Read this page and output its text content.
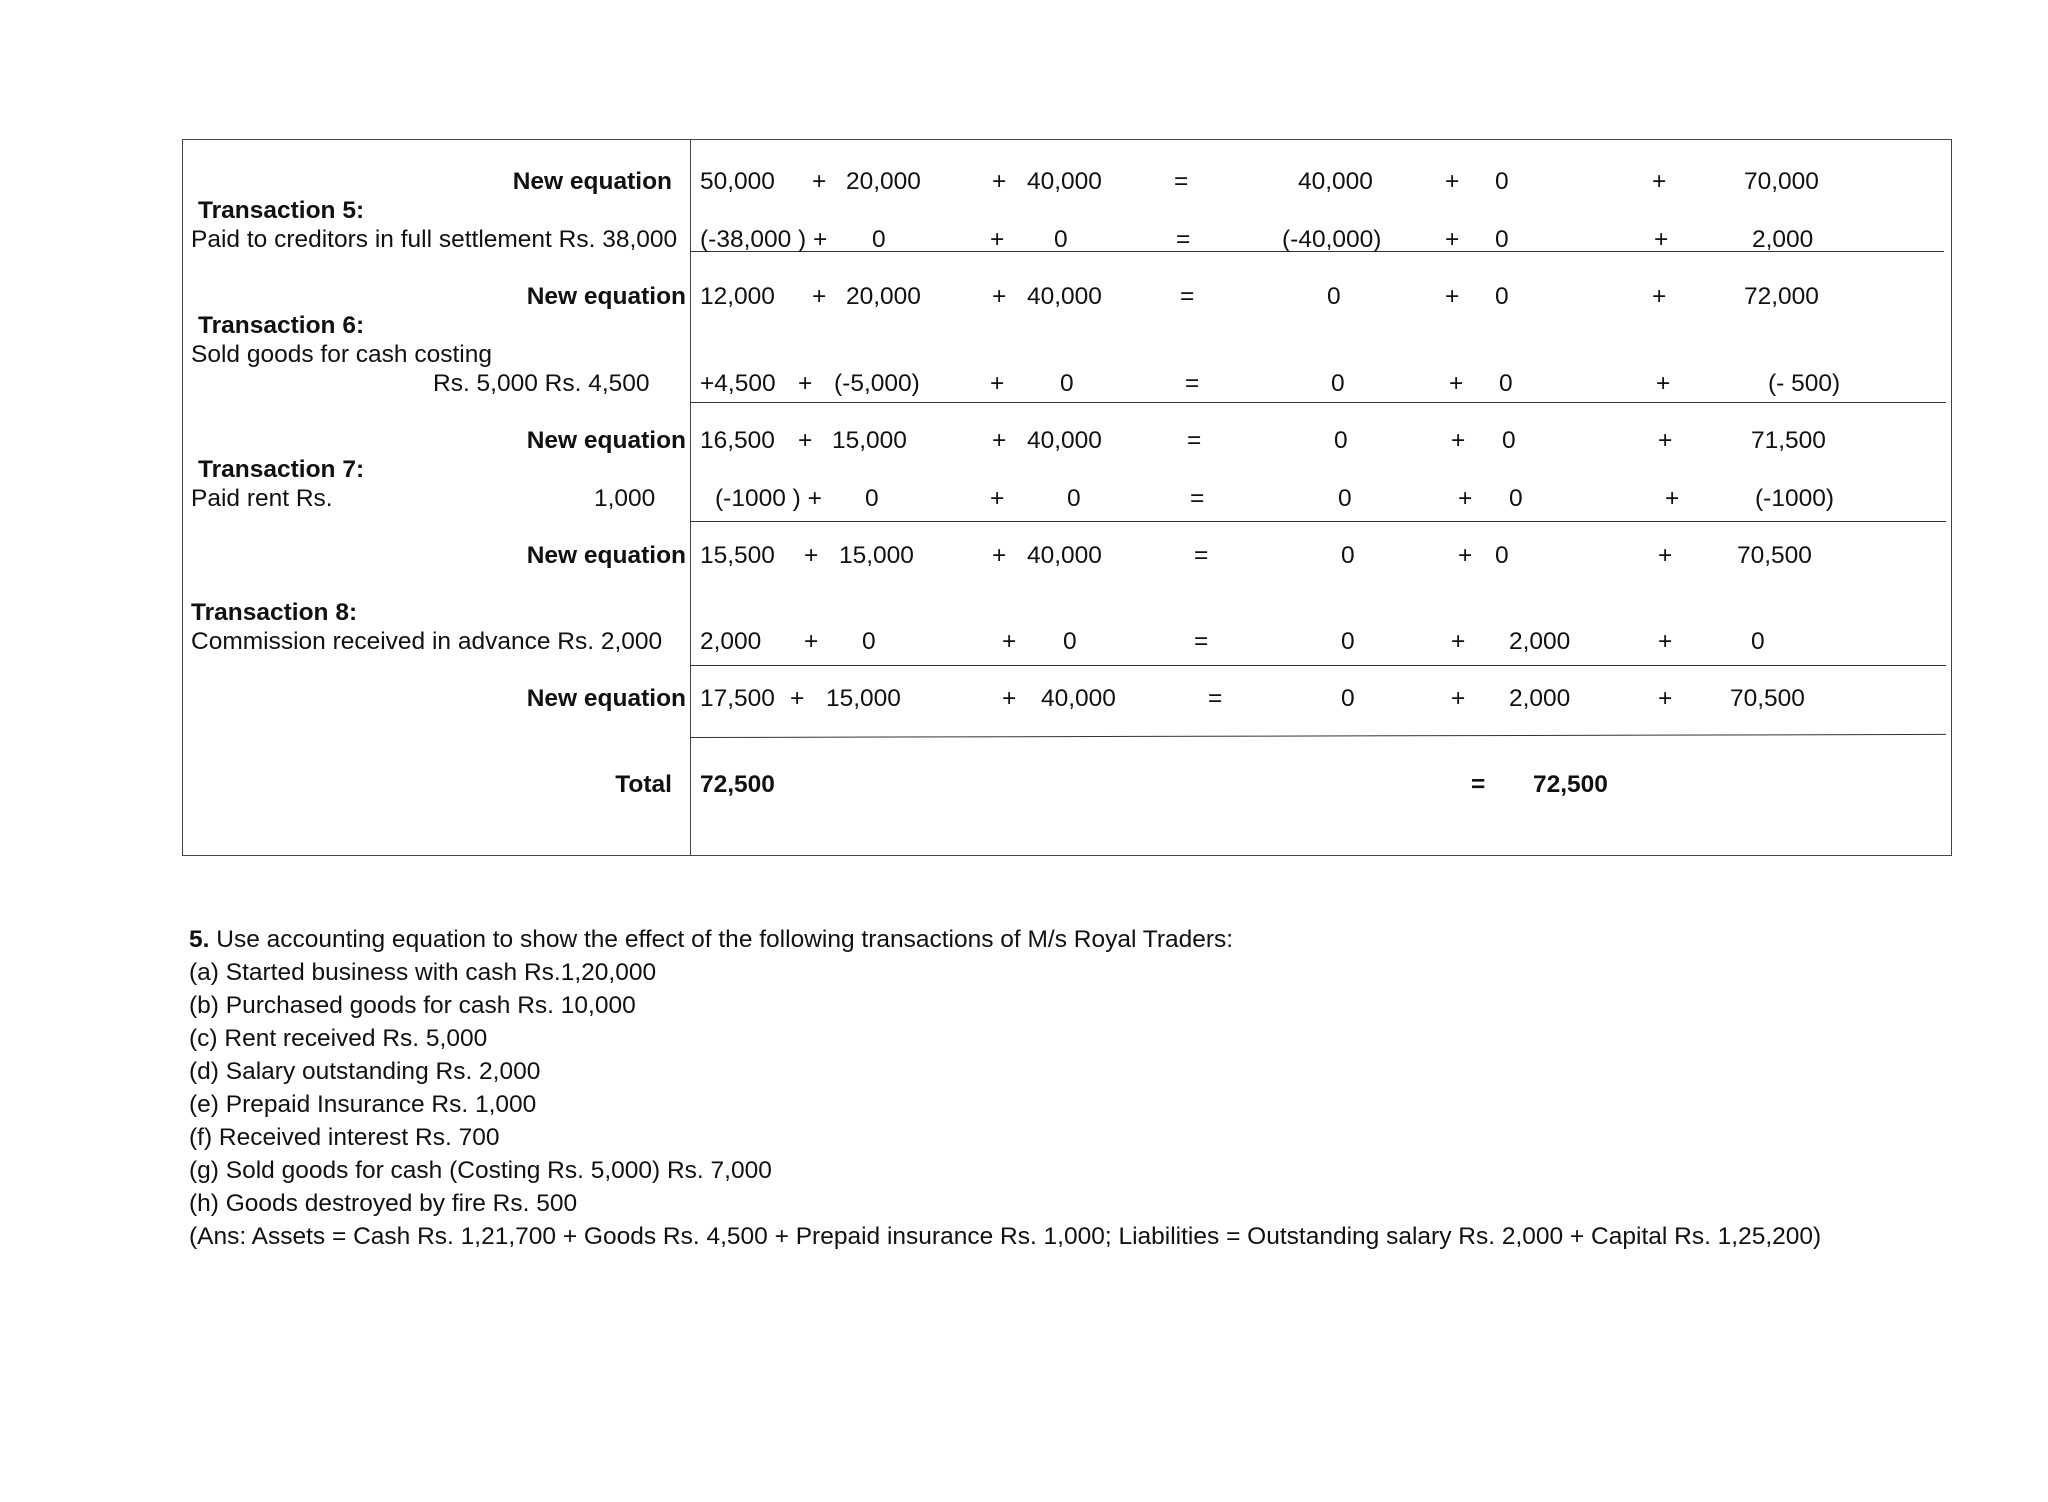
New equation 50,000 + 20,000	+ 40,000	=	40,000	+ 0	+	70,000
Transaction 5:
Paid to creditors in full settlement Rs. 38,000 (-38,000 ) + 0	+ 0	=	(-40,000)	+ 0	+	2,000
New equation 12,000 + 20,000	+ 40,000	=	0	+ 0	+	72,000
Transaction 6:
Sold goods for cash costing
Rs. 5,000 Rs. 4,500 +4,500 + (-5,000)	+ 0	=	0	+ 0	+	(- 500)
New equation 16,500 + 15,000	+ 40,000	=	0	+ 0	+	71,500
Transaction 7:
Paid rent Rs.	1,000 (-1000 ) + 0	+	0	=	0	+ 0	+	(-1000)
New equation 15,500 + 15,000	+ 40,000	=	0	+ 0	+	70,500
Transaction 8:
Commission received in advance Rs. 2,000 2,000 + 0	+ 0	=	0	+ 2,000	+	0
New equation 17,500 + 15,000	+ 40,000	=	0	+ 2,000	+ 70,500
Total 72,500	= 72,500
5. Use accounting equation to show the effect of the following transactions of M/s Royal Traders:
(a) Started business with cash Rs.1,20,000
(b) Purchased goods for cash Rs. 10,000
(c) Rent received Rs. 5,000
(d) Salary outstanding Rs. 2,000
(e) Prepaid Insurance Rs. 1,000
(f) Received interest Rs. 700
(g) Sold goods for cash (Costing Rs. 5,000) Rs. 7,000
(h) Goods destroyed by fire Rs. 500
(Ans: Assets = Cash Rs. 1,21,700 + Goods Rs. 4,500 + Prepaid insurance Rs. 1,000; Liabilities = Outstanding salary Rs. 2,000 + Capital Rs. 1,25,200)
